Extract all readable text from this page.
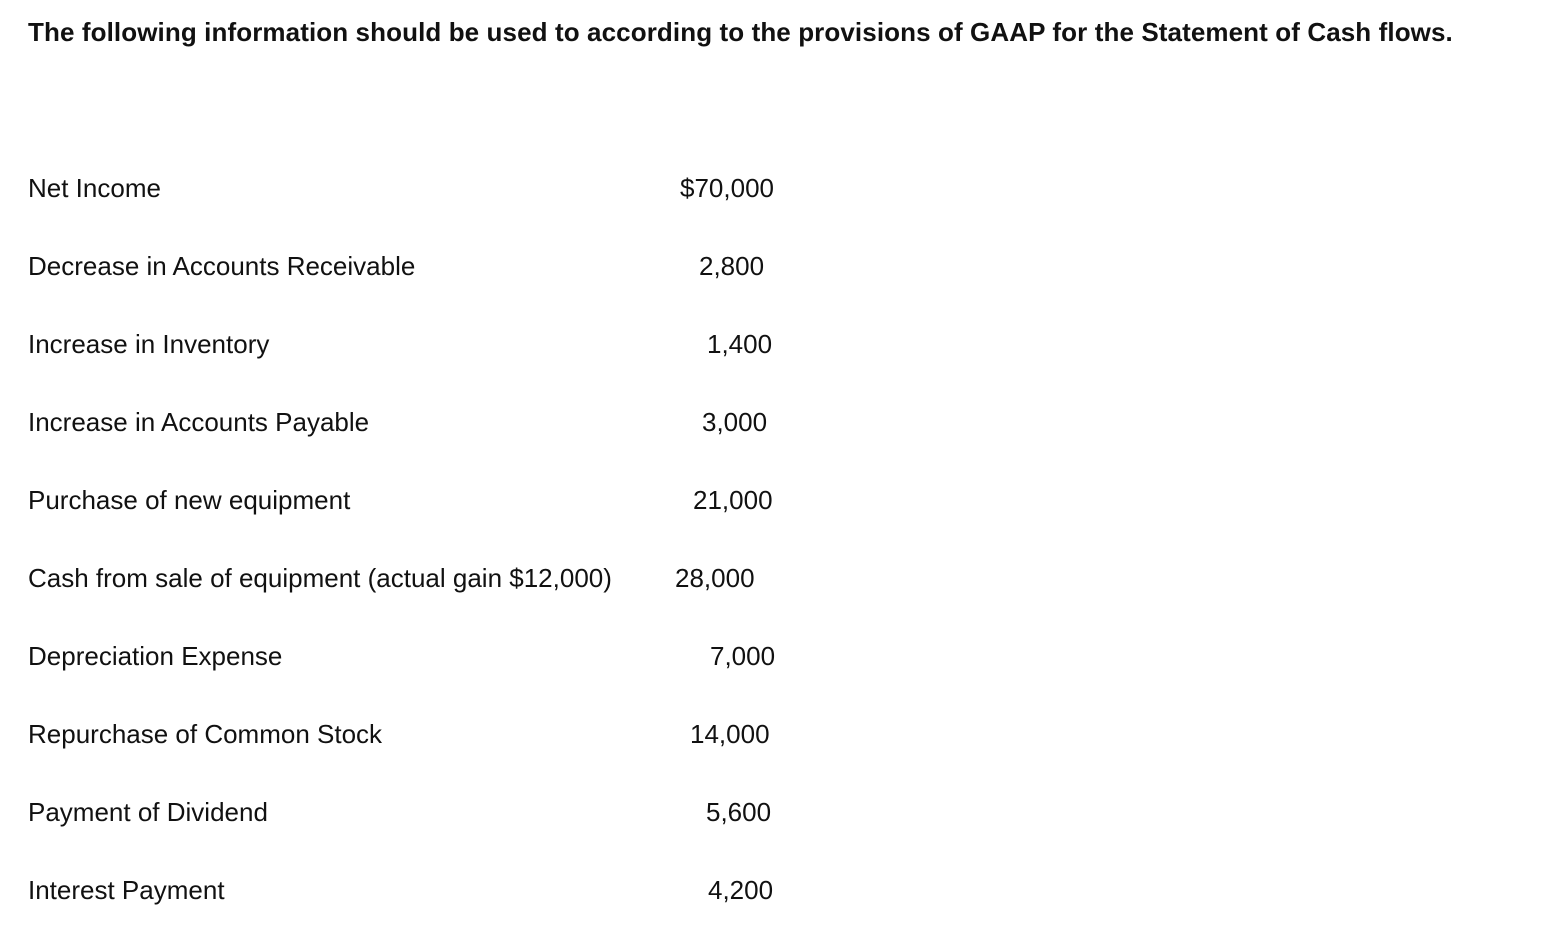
The following information should be used to according to the provisions of GAAP for the Statement of Cash flows.
Net Income	$70,000
Decrease in Accounts Receivable	2,800
Increase in Inventory	1,400
Increase in Accounts Payable	3,000
Purchase of new equipment	21,000
Cash from sale of equipment (actual gain $12,000) 28,000
Depreciation Expense	7,000
Repurchase of Common Stock	14,000
Payment of Dividend	5,600
Interest Payment	4,200
